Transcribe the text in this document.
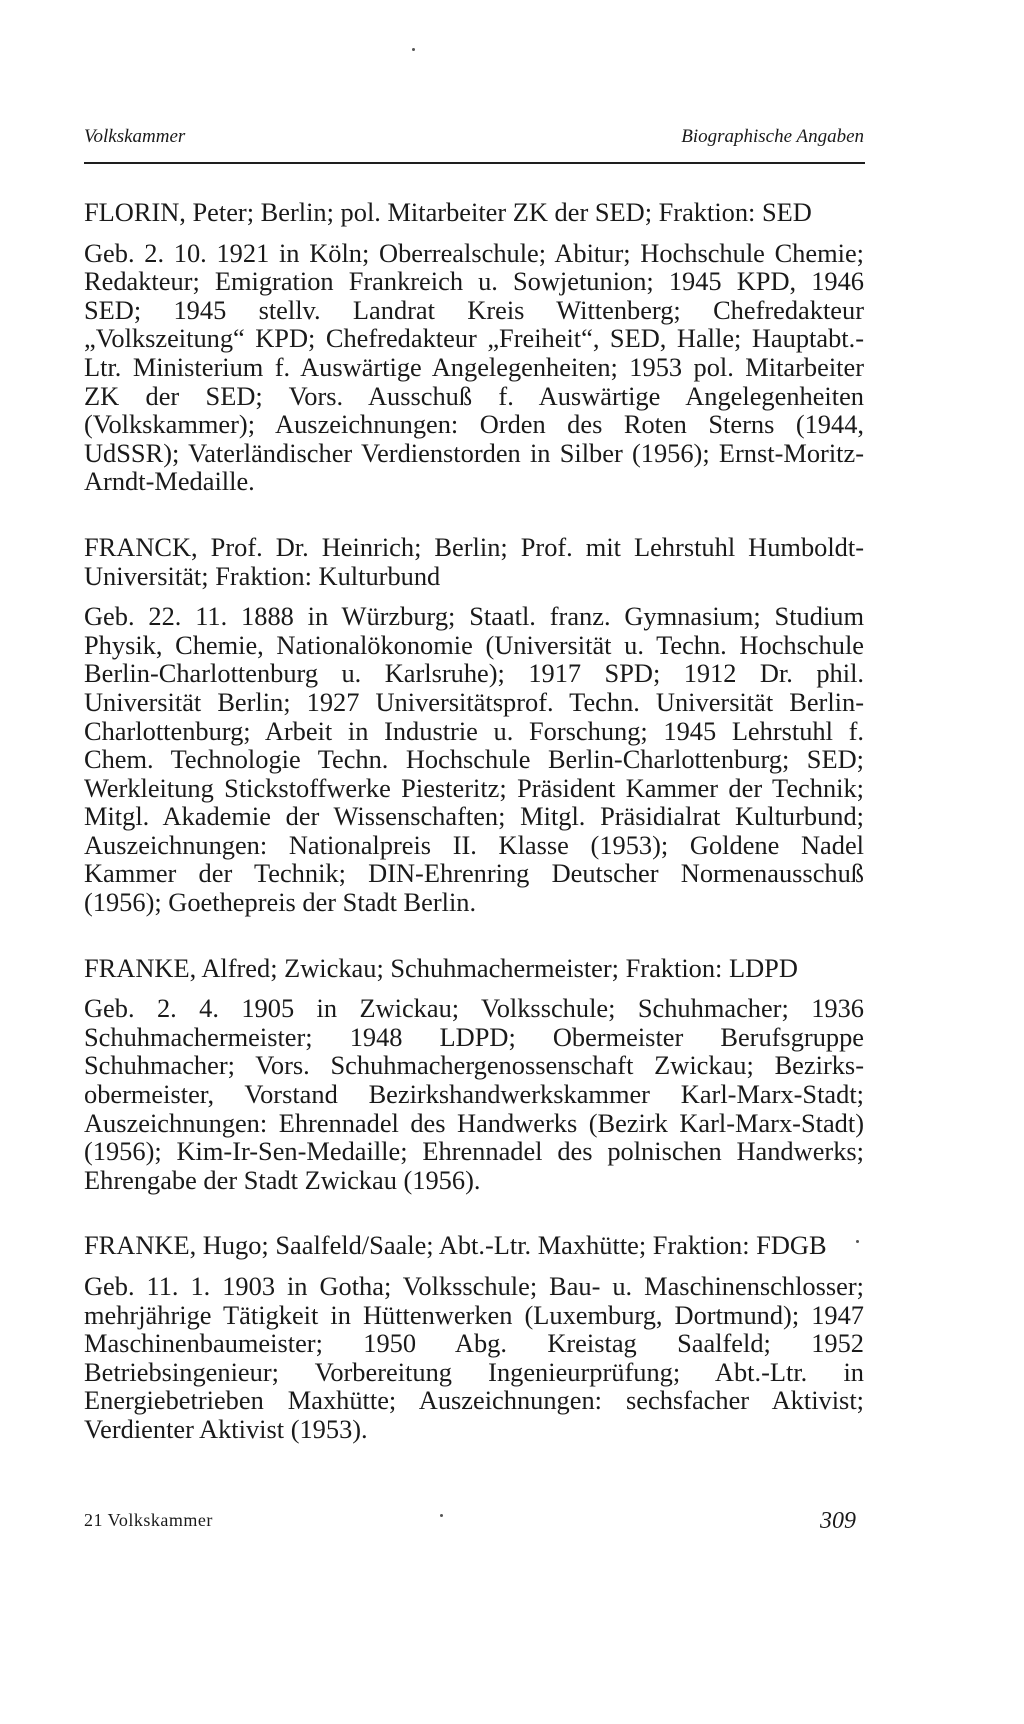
Volkskammer	Biographische Angaben

FLORIN, Peter; Berlin; pol. Mitarbeiter ZK der SED; Fraktion: SED

Geb. 2. 10. 1921 in Köln; Oberrealschule; Abitur; Hochschule Chemie; Redakteur; Emigration Frankreich u. Sowjetunion; 1945 KPD, 1946 SED; 1945 stellv. Landrat Kreis Wittenberg; Chefredakteur „Volkszeitung“ KPD; Chefredakteur „Freiheit“, SED, Halle; Hauptabt.-Ltr. Ministerium f. Auswärtige Angelegenheiten; 1953 pol. Mitarbeiter ZK der SED; Vors. Ausschuß f. Auswärtige Angelegenheiten (Volkskammer); Auszeichnungen: Orden des Roten Sterns (1944, UdSSR); Vaterländischer Verdienstorden in Silber (1956); Ernst-Moritz-Arndt-Medaille.

FRANCK, Prof. Dr. Heinrich; Berlin; Prof. mit Lehrstuhl Humboldt-Universität; Fraktion: Kulturbund

Geb. 22. 11. 1888 in Würzburg; Staatl. franz. Gymnasium; Studium Physik, Chemie, Nationalökonomie (Universität u. Techn. Hochschule Berlin-Charlottenburg u. Karlsruhe); 1917 SPD; 1912 Dr. phil. Universität Berlin; 1927 Universitätsprof. Techn. Universität Berlin-Charlottenburg; Arbeit in Industrie u. Forschung; 1945 Lehrstuhl f. Chem. Technologie Techn. Hochschule Berlin-Charlottenburg; SED; Werkleitung Stickstoffwerke Piesteritz; Präsident Kammer der Technik; Mitgl. Akademie der Wissenschaften; Mitgl. Präsidialrat Kulturbund; Auszeichnungen: Nationalpreis II. Klasse (1953); Goldene Nadel Kammer der Technik; DIN-Ehrenring Deutscher Normenausschuß (1956); Goethepreis der Stadt Berlin.

FRANKE, Alfred; Zwickau; Schuhmachermeister; Fraktion: LDPD

Geb. 2. 4. 1905 in Zwickau; Volksschule; Schuhmacher; 1936 Schuhmachermeister; 1948 LDPD; Obermeister Berufsgruppe Schuhmacher; Vors. Schuhmachergenossenschaft Zwickau; Bezirksobermeister, Vorstand Bezirkshandwerkskammer Karl-Marx-Stadt; Auszeichnungen: Ehrennadel des Handwerks (Bezirk Karl-Marx-Stadt) (1956); Kim-Ir-Sen-Medaille; Ehrennadel des polnischen Handwerks; Ehrengabe der Stadt Zwickau (1956).

FRANKE, Hugo; Saalfeld/Saale; Abt.-Ltr. Maxhütte; Fraktion: FDGB

Geb. 11. 1. 1903 in Gotha; Volksschule; Bau- u. Maschinenschlosser; mehrjährige Tätigkeit in Hüttenwerken (Luxemburg, Dortmund); 1947 Maschinenbaumeister; 1950 Abg. Kreistag Saalfeld; 1952 Betriebsingenieur; Vorbereitung Ingenieurprüfung; Abt.-Ltr. in Energiebetrieben Maxhütte; Auszeichnungen: sechsfacher Aktivist; Verdienter Aktivist (1953).

21 Volkskammer	309
